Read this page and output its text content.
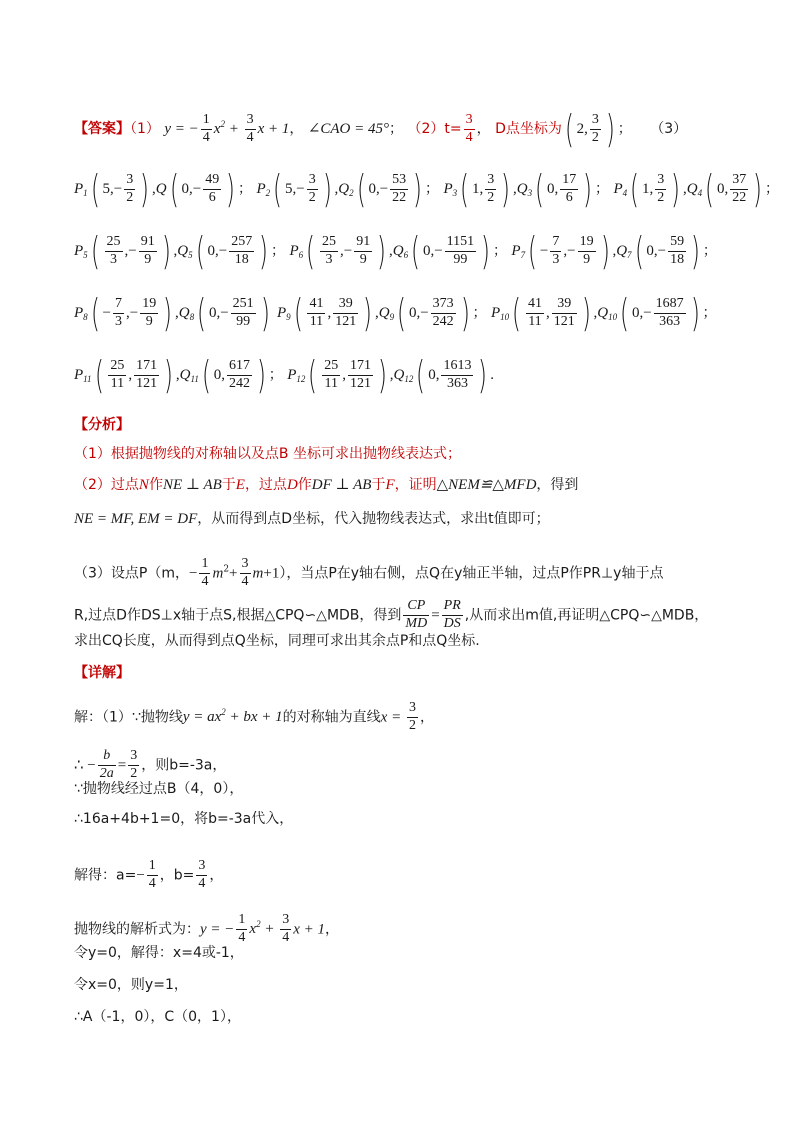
【答案】（1） y = − $\frac{1}{4} x^2 + \frac{3}{4}$ x + 1， ∠CAO = 45°； $(2)t= \frac{3}{4}$ ， D点坐标为( 2, $\frac{3}{2}$ ) ； （3）
$P_1$( $5,- \frac{3}{2}$ ) ,Q( $0,- \frac{49}{6}$ ) ； $P_2$( $5,- \frac{3}{2}$ ) $,Q_2$( $0,- \frac{53}{22}$ ) ； $P_3$( 1, $\frac{3}{2}$ ) $,Q_3$( 0, $\frac{17}{6}$ ) ； $P_4$( 1, $\frac{3}{2}$ ) $,Q_4$( 0, $\frac{37}{22}$ ) ；
$P_5( \frac{25}{3}$ ,− $\frac{91}{9}$ ) $,Q_5$( $0,- \frac{257}{18}$ ) ； $P_6( \frac{25}{3}$ ,− $\frac{91}{9}$ ) $,Q_6$( $0,- \frac{1151}{99}$ ) ； $P_7( - \frac{7}{3}$ ,− $\frac{19}{9}$ ) $,Q_7$( $0,- \frac{59}{18}$ ) ；
$P_8( - \frac{7}{3}$ ,− $\frac{19}{9}$ ) $,Q_8$( $0,- \frac{251}{99}$ ) $P_9( \frac{41}{11}$ , $\frac{39}{121}$ ) $,Q_9$( $0,- \frac{373}{242}$ ) ； $P_{10}( \frac{41}{11}$ , $\frac{39}{121}$ ) $,Q_{10}$( $0,- \frac{1687}{363}$ ) ；
$P_{11}( \frac{25}{11}$ , $\frac{171}{121}$ ) $,Q_{11}$( 0, $\frac{617}{242}$ ) ； $P_{12}( \frac{25}{11}$ , $\frac{171}{121}$ ) $,Q_{12}$( 0, $\frac{1613}{363}$ ) .
【分析】
（1）根据抛物线的对称轴以及点B 坐标可求出抛物线表达式；
（2）过点N作NE ⊥ AB于E，过点D作DF ⊥ AB于F，证明△NEM≌△MFD，得到
NE = MF, EM = DF，从而得到点D坐标，代入抛物线表达式，求出t值即可；
（3）设点P（m，− $\frac{1}{4} m^2+ \frac{3}{4} m+1$），当点P在y轴右侧，点Q在y轴正半轴，过点P作PR⊥y轴于点
R,过点D作DS⊥x轴于点S,根据△CPQ∽△MDB，得到 $\frac{CP}{MD} = \frac{PR}{DS}$ ,从而求出m值,再证明△CPQ∽△MDB，
求出CQ长度，从而得到点Q坐标，同理可求出其余点P和点Q坐标.
【详解】
解：（1）∵抛物线$y = ax^2$ + bx + 1的对称轴为直线$x = \frac{3}{2}$ ，
∴ − $\frac{b}{2a} = \frac{3}{2}$ ，则b=-3a，
∵抛物线经过点B（4，0），
∴16a+4b+1=0，将b=-3a代入，
解得：$a=- \frac{1}{4}$ ，$b= \frac{3}{4}$ ，
抛物线的解析式为：y = − $\frac{1}{4} x^2 + \frac{3}{4}$ x + 1，
令y=0，解得：x=4或-1，
令x=0，则y=1，
∴A（-1，0），C（0，1），
